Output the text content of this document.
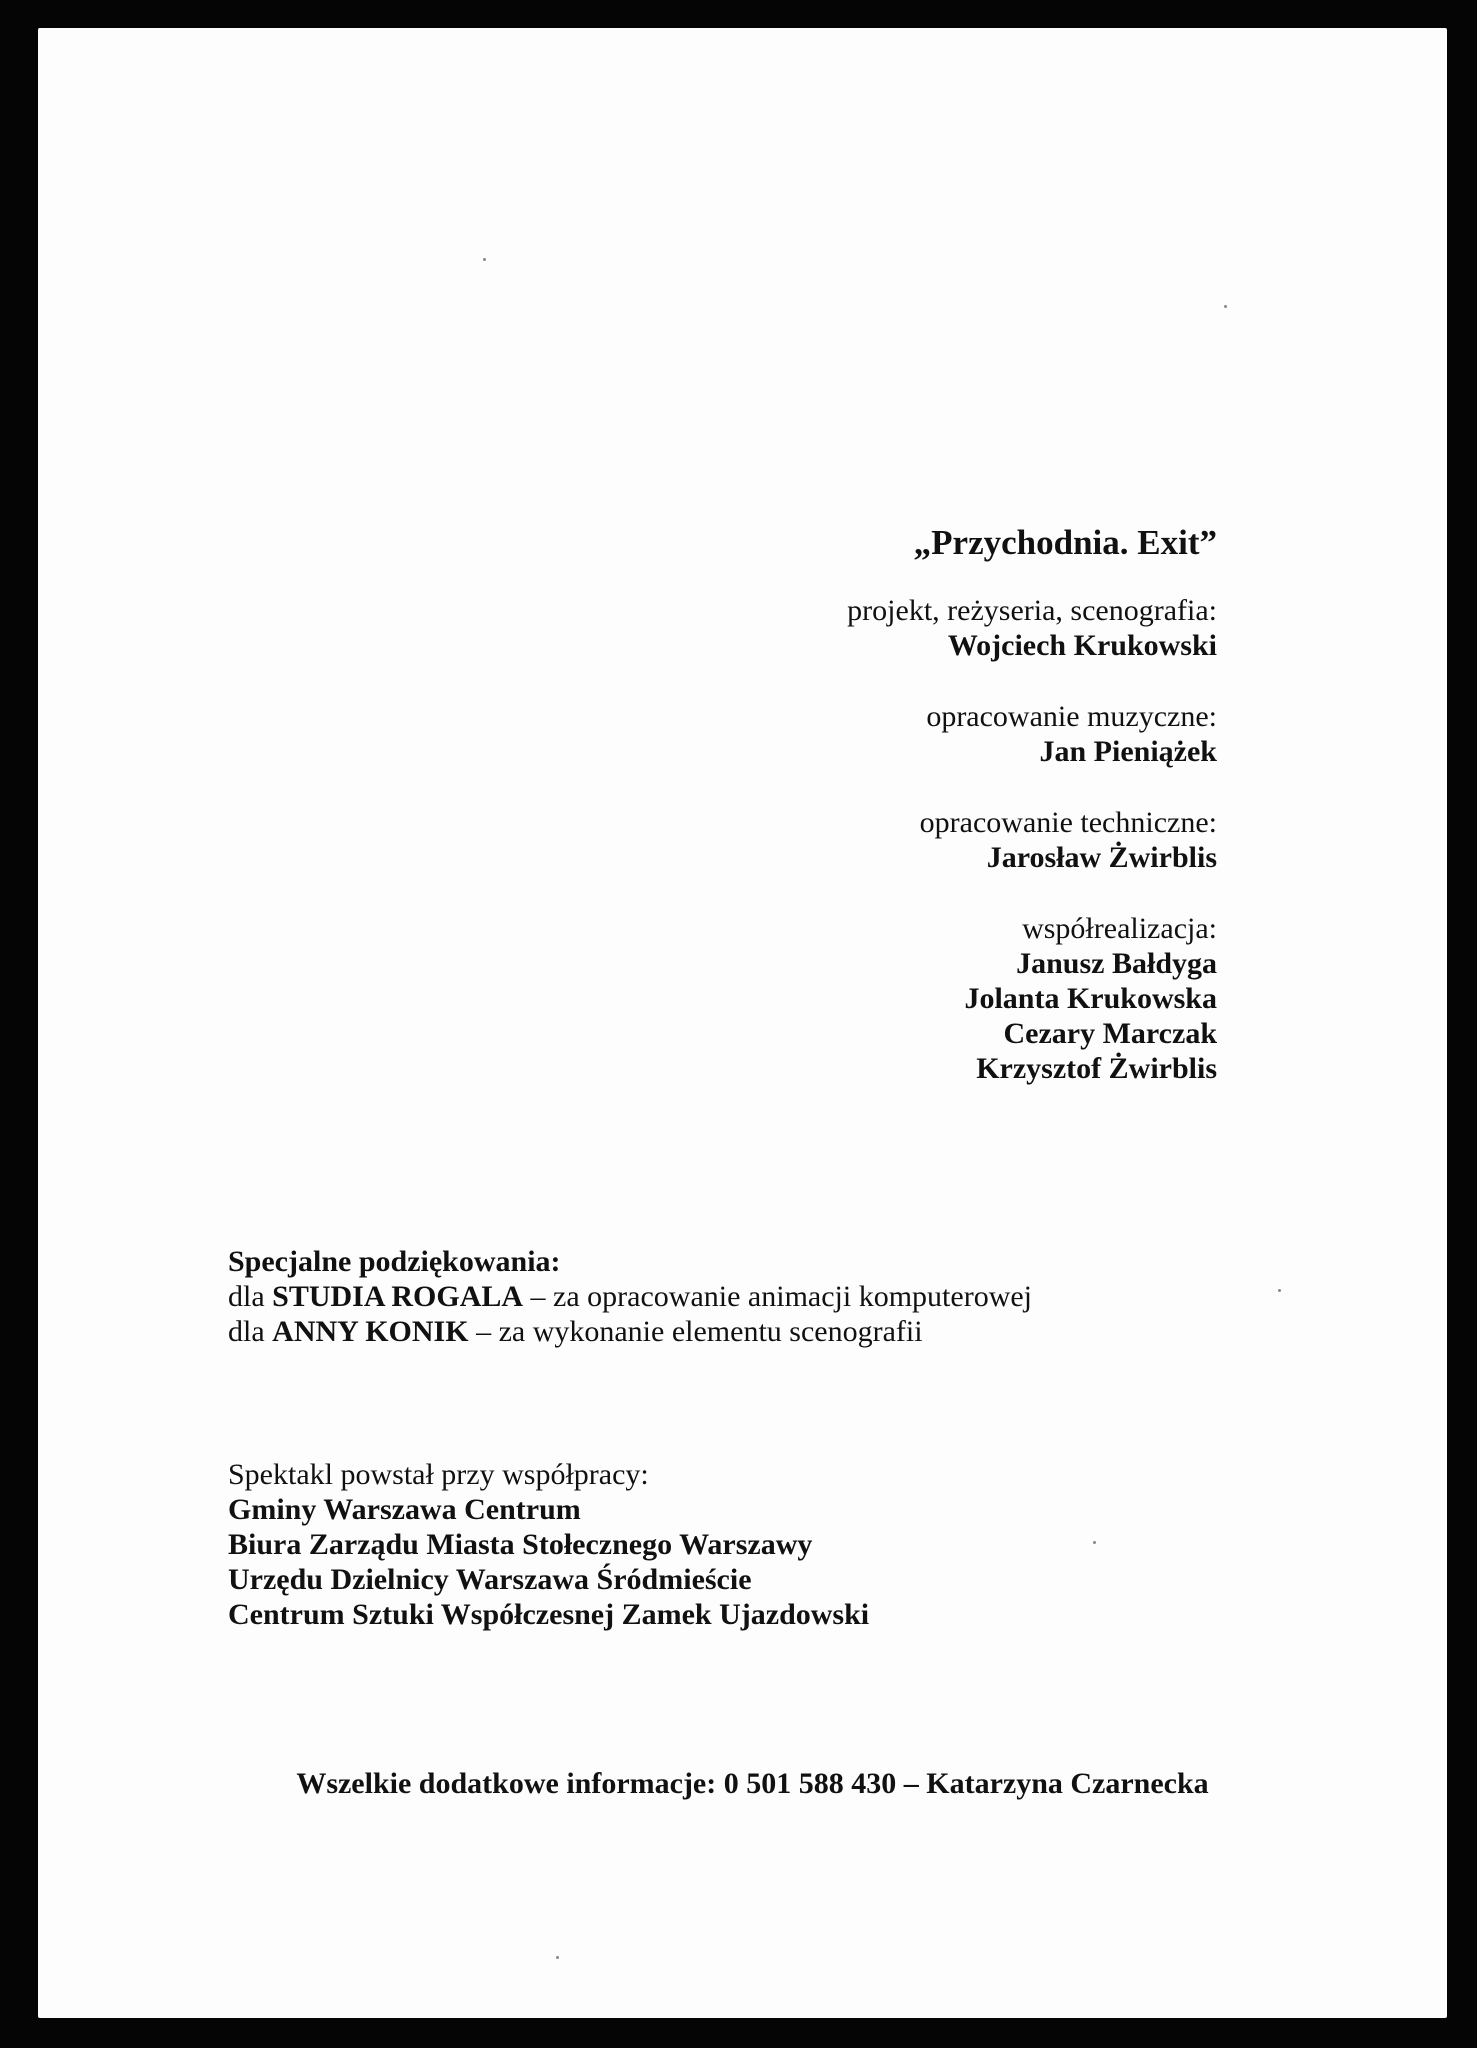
„Przychodnia. Exit”
projekt, reżyseria, scenografia:
Wojciech Krukowski
opracowanie muzyczne:
Jan Pieniążek
opracowanie techniczne:
Jarosław Żwirblis
współrealizacja:
Janusz Bałdyga
Jolanta Krukowska
Cezary Marczak
Krzysztof Żwirblis
Specjalne podziękowania:
dla STUDIA ROGALA – za opracowanie animacji komputerowej
dla ANNY KONIK – za wykonanie elementu scenografii
Spektakl powstał przy współpracy:
Gminy Warszawa Centrum
Biura Zarządu Miasta Stołecznego Warszawy
Urzędu Dzielnicy Warszawa Śródmieście
Centrum Sztuki Współczesnej Zamek Ujazdowski
Wszelkie dodatkowe informacje: 0 501 588 430 – Katarzyna Czarnecka
